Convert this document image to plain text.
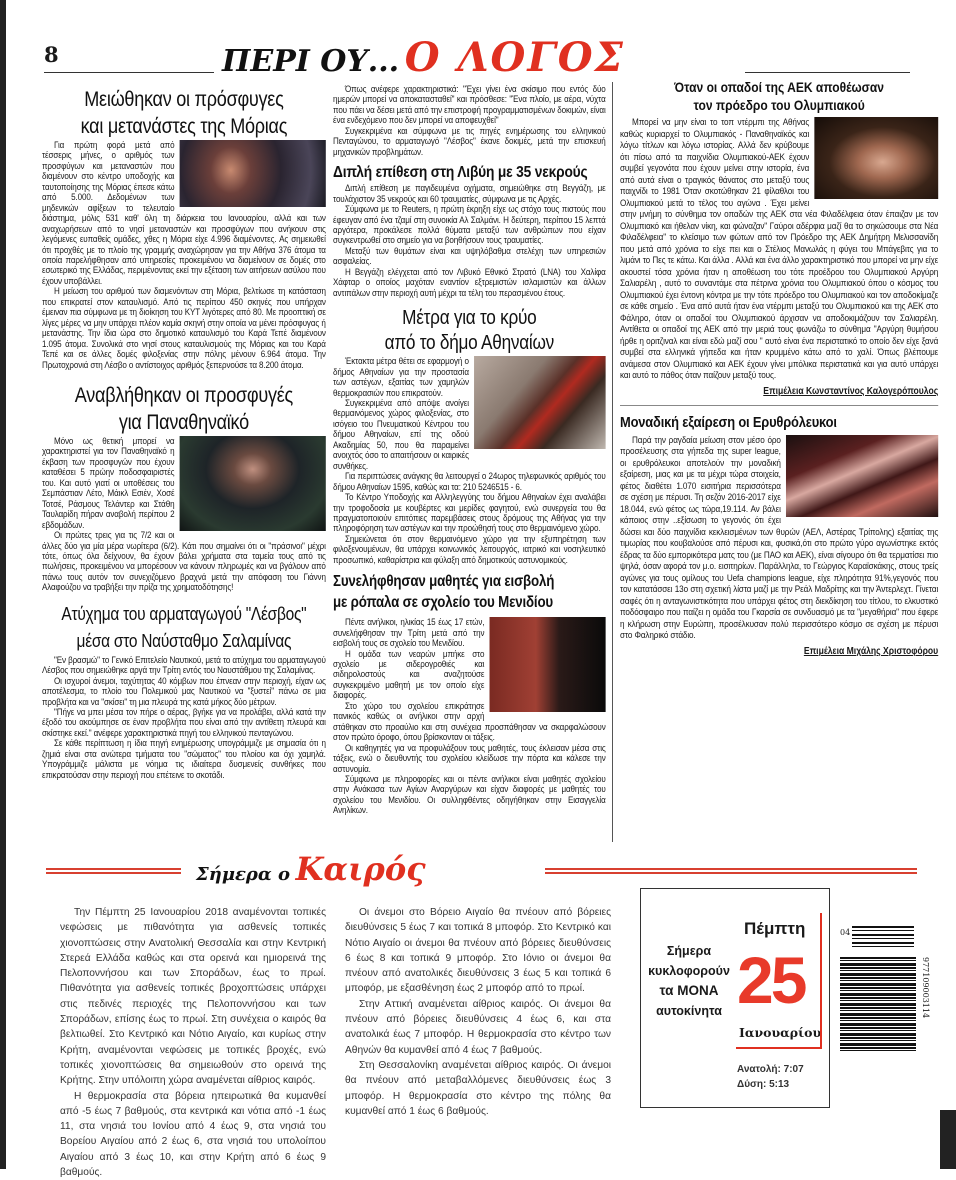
8	ΠΕΡΙ ΟΥ... Ο ΛΟΓΟΣ
Μειώθηκαν οι πρόσφυγες
και μετανάστες της Μόριας

Για πρώτη φορά μετά από τέσσερις μήνες, ο αριθμός των προσφύγων και μεταναστών που διαμένουν στο κέντρο υποδοχής και ταυτοποίησης της Μόριας έπεσε κάτω από 5.000. Δεδομένων των μηδενικών αφίξεων το τελευταίο διάστημα, μόλις 531 καθ' όλη τη διάρκεια του Ιανουαρίου, αλλά και των αναχωρήσεων από το νησί μεταναστών και προσφύγων που ανήκουν στις λεγόμενες ευπαθείς ομάδες, χθες η Μόρια είχε 4.996 διαμένοντες. Ας σημειωθεί ότι προχθές με το πλοίο της γραμμής αναχώρησαν για την Αθήνα 376 άτομα τα οποία παρελήφθησαν από υπηρεσίες προκειμένου να διαμείνουν σε δομές στο εσωτερικό της Ελλάδας, περιμένοντας εκεί την εξέταση των αιτήσεων ασύλου που έχουν υποβάλλει.

Η μείωση του αριθμού των διαμενόντων στη Μόρια, βελτίωσε τη κατάσταση που επικρατεί στον καταυλισμό. Από τις περίπου 450 σκηνές που υπήρχαν έμειναν πια σύμφωνα με τη διοίκηση του ΚΥΤ λιγότερες από 80. Με προοπτική σε λίγες μέρες να μην υπάρχει πλέον καμία σκηνή στην οποία να μένει πρόσφυγας ή μετανάστης. Την ίδια ώρα στο δημοτικό καταυλισμό του Καρά Τεπέ διαμένουν 1.095 άτομα. Συνολικά στο νησί στους καταυλισμούς της Μόριας και του Καρά Τεπέ και σε άλλες δομές φιλοξενίας στην πόλης μένουν 6.964 άτομα. Την Πρωτοχρονιά στη Λέσβο ο αντίστοιχος αριθμός ξεπερνούσε τα 8.200 άτομα.

Αναβλήθηκαν οι προσφυγές
για Παναθηναϊκό

Μόνο ως θετική μπορεί να χαρακτηριστεί για τον Παναθηναϊκό η έκβαση των προσφυγών που έχουν καταθέσει 5 πρώην ποδοσφαιριστές του. Και αυτό γιατί οι υποθέσεις του Σεμπάστιαν Λέτο, Μάικλ Εσιέν, Χοσέ Τοτσέ, Ράσμους Τελάντερ και Στάθη Ταυλαρίδη πήραν αναβολή περίπου 2 εβδομάδων.

Οι πρώτες τρεις για τις 7/2 και οι άλλες δύο για μία μέρα νωρίτερα (6/2). Κάτι που σημαίνει ότι οι "πράσινοι" μέχρι τότε, όπως όλα δείχνουν, θα έχουν βάλει χρήματα στα ταμεία τους από τις πωλήσεις, προκειμένου να μπορέσουν να κάνουν πληρωμές και να βγάλουν από πάνω τους αυτόν τον συνεχιζόμενο βραχνά μετά την απόφαση του Γιάννη Αλαφούζου να τραβήξει την πρίζα της χρηματοδότησης!

Ατύχημα του αρματαγωγού "Λέσβος"
μέσα στο Ναύσταθμο Σαλαμίνας

"Εν βρασμώ" το Γενικό Επιτελείο Ναυτικού, μετά το ατύχημα του αρματαγωγού Λέσβος που σημειώθηκε αργά την Τρίτη εντός του Ναυστάθμου της Σαλαμίνας.

Οι ισχυροί άνεμοι, ταχύτητας 40 κόμβων που έπνεαν στην περιοχή, είχαν ως αποτέλεσμα, το πλοίο του Πολεμικού μας Ναυτικού να "ξυστεί" πάνω σε μια προβλήτα και να "σκίσει" τη μια πλευρά της κατά μήκος δύο μέτρων.

"Πήγε να μπει μέσα τον πήρε ο αέρας, βγήκε για να προλάβει, αλλά κατά την έξοδό του ακούμπησε σε έναν προβλήτα που είναι από την αντίθετη πλευρά και σκίστηκε εκεί." ανέφερε χαρακτηριστικά πηγή του ελληνικού πενταγώνου.

Σε κάθε περίπτωση η ίδια πηγή ενημέρωσης υπογράμμιζε με σημασία ότι η ζημιά είναι στα ανώτερα τμήματα του "σώματος" του πλοίου και όχι χαμηλά. Υπογράμμιζε μάλιστα με νόημα τις ιδιαίτερα δυσμενείς συνθήκες που επικρατούσαν στην περιοχή που επέτεινε το σκοτάδι.

Όπως ανέφερε χαρακτηριστικά: "Έχει γίνει ένα σκίσιμο που εντός δύο ημερών μπορεί να αποκατασταθεί" και πρόσθεσε: "Ένα πλοίο, με αέρα, νύχτα που πάει να δέσει μετά από την επιστροφή προγραμματισμένων δοκιμών, είναι ένα ενδεχόμενο που δεν μπορεί να αποφευχθεί"

Συγκεκριμένα και σύμφωνα με τις πηγές ενημέρωσης του ελληνικού Πενταγώνου, το αρματαγωγό "Λέσβος" έκανε δοκιμές, μετά την επισκευή μηχανικών προβλημάτων.

Διπλή επίθεση στη Λιβύη με 35 νεκρούς

Διπλή επίθεση με παγιδευμένα οχήματα, σημειώθηκε στη Βεγγάζη, με τουλάχιστον 35 νεκρούς και 60 τραυματίες, σύμφωνα με τις Αρχές.

Σύμφωνα με το Reuters, η πρώτη έκρηξη είχε ως στόχο τους πιστούς που έφευγαν από ένα τζαμί στη συνοικία Αλ Σαλμάνι. Η δεύτερη, περίπου 15 λεπτά αργότερα, προκάλεσε πολλά θύματα μεταξύ των ανθρώπων που είχαν συγκεντρωθεί στο σημείο για να βοηθήσουν τους τραυματίες.

Μεταξύ των θυμάτων είναι και υψηλόβαθμα στελέχη των υπηρεσιών ασφαλείας.

Η Βεγγάζη ελέγχεται από τον Λιβυκό Εθνικό Στρατό (LNA) του Χαλίφα Χάφταρ ο οποίος μαχόταν εναντίον εξτρεμιστών ισλαμιστών και άλλων αντιπάλων στην περιοχή αυτή μέχρι τα τέλη του περασμένου έτους.

Μέτρα για το κρύο
από το δήμο Αθηναίων

Έκτακτα μέτρα θέτει σε εφαρμογή ο δήμος Αθηναίων για την προστασία των αστέγων, εξαιτίας των χαμηλών θερμοκρασιών που επικρατούν.

Συγκεκριμένα από απόψε ανοίγει θερμαινόμενος χώρος φιλοξενίας, στο ισόγειο του Πνευματικού Κέντρου του δήμου Αθηναίων, επί της οδού Ακαδημίας 50, που θα παραμείνει ανοιχτός όσο το απαιτήσουν οι καιρικές συνθήκες.

Για περιπτώσεις ανάγκης θα λειτουργεί ο 24ωρος τηλεφωνικός αριθμός του δήμου Αθηναίων 1595, καθώς και τα: 210 5246515 - 6.

Το Κέντρο Υποδοχής και Αλληλεγγύης του δήμου Αθηναίων έχει αναλάβει την τροφοδοσία με κουβέρτες και μερίδες φαγητού, ενώ συνεργεία του θα πραγματοποιούν επιτόπιες παρεμβάσεις στους δρόμους της Αθήνας για την πληροφόρηση των αστέγων και την προώθησή τους στο θερμαινόμενο χώρο.

Σημειώνεται ότι στον θερμαινόμενο χώρο για την εξυπηρέτηση των φιλοξενουμένων, θα υπάρχει κοινωνικός λειτουργός, ιατρικό και νοσηλευτικό προσωπικό, καθαρίστρια και φύλαξη από δημοτικούς αστυνομικούς.

Συνελήφθησαν μαθητές για εισβολή
με ρόπαλα σε σχολείο του Μενιδίου

Πέντε ανήλικοι, ηλικίας 15 έως 17 ετών, συνελήφθησαν την Τρίτη μετά από την εισβολή τους σε σχολείο του Μενιδίου.

Η ομάδα των νεαρών μπήκε στο σχολείο με σιδερογροθιές και σιδηρολοστούς και αναζητούσε συγκεκριμένο μαθητή με τον οποίο είχε διαφορές.

Στο χώρο του σχολείου επικράτησε πανικός καθώς οι ανήλικοι στην αρχή στάθηκαν στο προαύλιο και στη συνέχεια προσπάθησαν να σκαρφαλώσουν στον πρώτο όροφο, όπου βρίσκονταν οι τάξεις.

Οι καθηγητές για να προφυλάξουν τους μαθητές, τους έκλεισαν μέσα στις τάξεις, ενώ ο διευθυντής του σχολείου κλείδωσε την πόρτα και κάλεσε την αστυνομία.

Σύμφωνα με πληροφορίες και οι πέντε ανήλικοι είναι μαθητές σχολείου στην Ανάκασα των Αγίων Αναργύρων και είχαν διαφορές με μαθητές του σχολείου του Μενιδίου. Οι συλληφθέντες οδηγήθηκαν στην Εισαγγελία Ανηλίκων.

Όταν οι οπαδοί της ΑΕΚ αποθέωσαν
τον πρόεδρο του Ολυμπιακού

Μπορεί να μην είναι το τοπ ντέρμπι της Αθήνας καθώς κυριαρχεί το Ολυμπιακός - Παναθηναϊκός και λόγω τίτλων και λόγω ιστορίας. Αλλά δεν κρύβουμε ότι πίσω από τα παιχνίδια Ολυμπιακού-ΑΕΚ έχουν συμβεί γεγονότα που έχουν μείνει στην ιστορία, ένα από αυτά είναι ο τραγικός θάνατος στο μεταξύ τους παιχνίδι το 1981 Όταν σκοτώθηκαν 21 φίλαθλοι του Ολυμπιακού μετά το τέλος του αγώνα . Έχει μείνει στην μνήμη το σύνθημα τον οπαδών της ΑΕΚ στα νέα Φιλαδέλφεια όταν έπαιζαν με τον Ολυμπιακό και ήθελαν νίκη, και φώναζαν" Γαύροι αδέρφια μαζί θα το σηκώσουμε στα Νέα Φιλαδέλφεια" το κλείσιμο των φώτων από τον Πρόεδρο της ΑΕΚ Δημήτρη Μελισσανίδη που μετά από χρόνια το είχε πει και ο Στέλιος Μανωλάς η φύγει του Μπάγεβιτς για το λιμάνι το Πες τε κάτω. Και άλλα . Αλλά και ένα άλλο χαρακτηριστικό που μπορεί να μην είχε ακουστεί τόσα χρόνια ήταν η αποθέωση του τότε προέδρου του Ολυμπιακού Αργύρη Σαλιαρέλη , αυτό το συναντάμε στα πέτρινα χρόνια του Ολυμπιακού όπου ο κόσμος του Ολυμπιακού έχει έντονη κόντρα με την τότε πρόεδρο του Ολυμπιακού και τον αποδοκίμαζε σε κάθε σημείο . Ένα από αυτά ήταν ένα ντέρμπι μεταξύ του Ολυμπιακού και της ΑΕΚ στο Φάληρο, όταν οι οπαδοί του Ολυμπιακού άρχισαν να αποδοκιμάζουν τον Σαλιαρέλη. Αντίθετα οι οπαδοί της ΑΕΚ από την μεριά τους φωνάζω το σύνθημα "Αργύρη θυμήσου ήρθε η οριτζιναλ και είναι εδώ μαζί σου " αυτό είναι ένα περιστατικό το οποίο δεν είχε ξανά συμβεί στα ελληνικά γήπεδα και ήταν κρυμμένο κάτω από το χαλί. Όπως βλέπουμε ανάμεσα στον Ολυμπιακό και ΑΕΚ έχουν γίνει μπόλικα περιστατικά και για αυτό υπάρχει και αυτό το πάθος όταν παίζουν μεταξύ τους.

Επιμέλεια Κωνσταντίνος Καλογερόπουλος
Μοναδική εξαίρεση οι Ερυθρόλευκοι

Παρά την ραγδαία μείωση στον μέσο όρο προσέλευσης στα γήπεδα της super league, οι ερυθρόλευκοι αποτελούν την μοναδική εξαίρεση, μιας και με τα μέχρι τώρα στοιχεία, φέτος διαθέτει 1.070 εισιτήρια περισσότερα σε σχέση με πέρυσι. Τη σεζόν 2016-2017 είχε 18.044, ενώ φέτος ως τώρα,19.114. Αν βάλει κάποιος στην ..εξίσωση το γεγονός ότι έχει δώσει και δύο παιχνίδια κεκλεισμένων των θυρών (ΑΕΛ, Αστέρας Τρίπολης) εξαιτίας της τιμωρίας που κουβαλούσε από πέρυσι και, φυσικά,ότι στο πρώτο γύρο αγωνίστηκε εκτός έδρας τα δύο εμπορικότερα ματς του (με ΠΑΟ και ΑΕΚ), είναι σίγουρο ότι θα τερματίσει πιο ψηλά, όσαν αφορά τον μ.ο. εισιτηρίων. Παράλληλα, το Γεώργιος Καραϊσκάκης, στους τρείς αγώνες για τους ομίλους του Uefa champions league, είχε πληρότητα 91%,γεγονός που τον κατατάσσει 13ο στη σχετική λίστα μαζί με την Ρεάλ Μαδρίτης και την Άντερλεχτ. Γίνεται σαφές ότι η ανταγωνιστικότητα που υπάρχει φέτος στη διεκδίκηση του τίτλου, το ελκυστικό ποδόσφαιρο που παίζει η ομάδα του Γκαρσία σε συνδυασμό με τα "μεγαθήρια" που έφερε η κλήρωση στην Ευρώπη, προσέλκυσαν πολύ περισσότερο κόσμο σε σχέση με πέρυσι στο Φαληρικό στάδιο.

Επιμέλεια Μιχάλης Χριστοφόρου
Σήμερα ο Καιρός

Την Πέμπτη 25 Ιανουαρίου 2018 αναμένονται τοπικές νεφώσεις με πιθανότητα για ασθενείς τοπικές χιονοπτώσεις στην Ανατολική Θεσσαλία και στην Κεντρική Στερεά Ελλάδα καθώς και στα ορεινά και ημιορεινά της Πελοποννήσου και των Σποράδων, έως το πρωί. Πιθανότητα για ασθενείς τοπικές βροχοπτώσεις υπάρχει στις πεδινές περιοχές της Πελοποννήσου και των Σποράδων, επίσης έως το πρωί. Στη συνέχεια ο καιρός θα βελτιωθεί. Στο Κεντρικό και Νότιο Αιγαίο, και κυρίως στην Κρήτη, αναμένονται νεφώσεις με τοπικές βροχές, ενώ τοπικές χιονοπτώσεις θα σημειωθούν στο ορεινά της Κρήτης. Στην υπόλοιπη χώρα αναμένεται αίθριος καιρός.

Η θερμοκρασία στα βόρεια ηπειρωτικά θα κυμανθεί από -5 έως 7 βαθμούς, στα κεντρικά και νότια από -1 έως 11, στα νησιά του Ιονίου από 4 έως 9, στα νησιά του Βορείου Αιγαίου από 2 έως 6, στα νησιά του υπολοίπου Αιγαίου από 3 έως 10, και στην Κρήτη από 6 έως 9 βαθμούς.

Οι άνεμοι στο Βόρειο Αιγαίο θα πνέουν από βόρειες διευθύνσεις 5 έως 7 και τοπικά 8 μποφόρ. Στο Κεντρικό και Νότιο Αιγαίο οι άνεμοι θα πνέουν από βόρειες διευθύνσεις 6 έως 8 και τοπικά 9 μποφόρ. Στο Ιόνιο οι άνεμοι θα πνέουν από ανατολικές διευθύνσεις 3 έως 5 και τοπικά 6 μποφόρ, με εξασθένηση έως 2 μποφόρ από το πρωί.

Στην Αττική αναμένεται αίθριος καιρός. Οι άνεμοι θα πνέουν από βόρειες διευθύνσεις 4 έως 6, και στα ανατολικά έως 7 μποφόρ. Η θερμοκρασία στο κέντρο των Αθηνών θα κυμανθεί από 4 έως 7 βαθμούς.

Στη Θεσσαλονίκη αναμένεται αίθριος καιρός. Οι άνεμοι θα πνέουν από μεταβαλλόμενες διευθύνσεις έως 3 μποφόρ. Η θερμοκρασία στο κέντρο της πόλης θα κυμανθεί από 1 έως 6 βαθμούς.

Σήμερα
κυκλοφορούν
τα ΜΟΝΑ
αυτοκίνητα
Πέμπτη
25
Ιανουαρίου
Ανατολή: 7:07
Δύση: 5:13
04
977109003114
